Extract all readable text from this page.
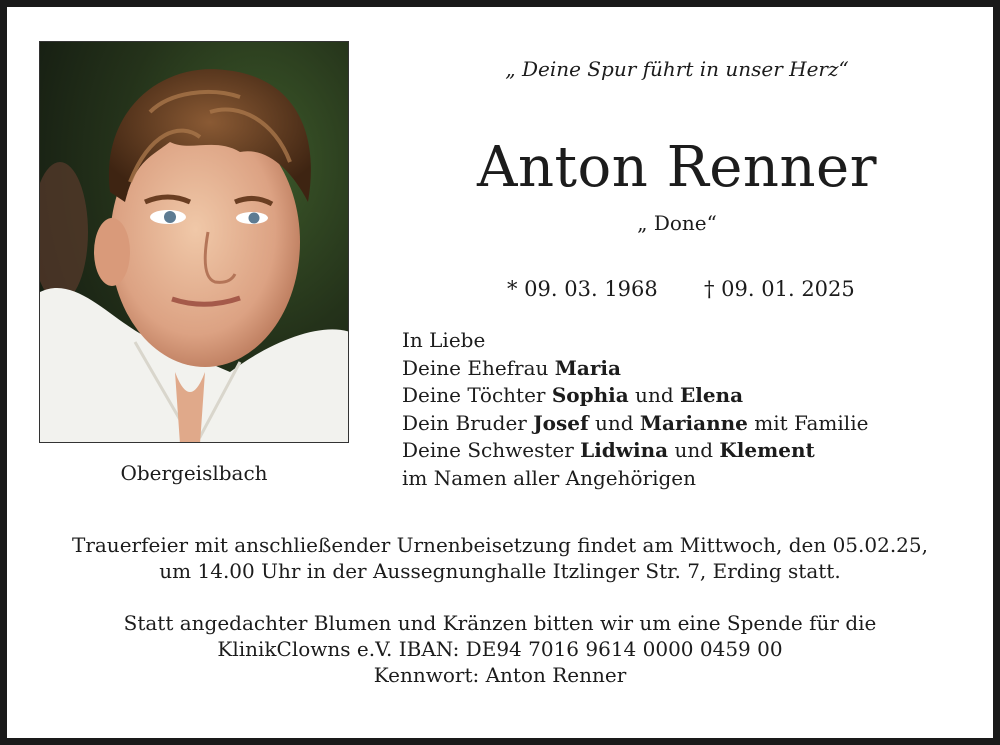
Obergeislbach
„ Deine Spur führt in unser Herz“
Anton Renner
„ Done“
* 09. 03. 1968 † 09. 01. 2025
In Liebe
Deine Ehefrau Maria
Deine Töchter Sophia und Elena
Dein Bruder Josef und Marianne mit Familie
Deine Schwester Lidwina und Klement
im Namen aller Angehörigen
Trauerfeier mit anschließender Urnenbeisetzung findet am Mittwoch, den 05.02.25,
um 14.00 Uhr in der Aussegnunghalle Itzlinger Str. 7, Erding statt.
Statt angedachter Blumen und Kränzen bitten wir um eine Spende für die
KlinikClowns e.V. IBAN: DE94 7016 9614 0000 0459 00
Kennwort: Anton Renner
